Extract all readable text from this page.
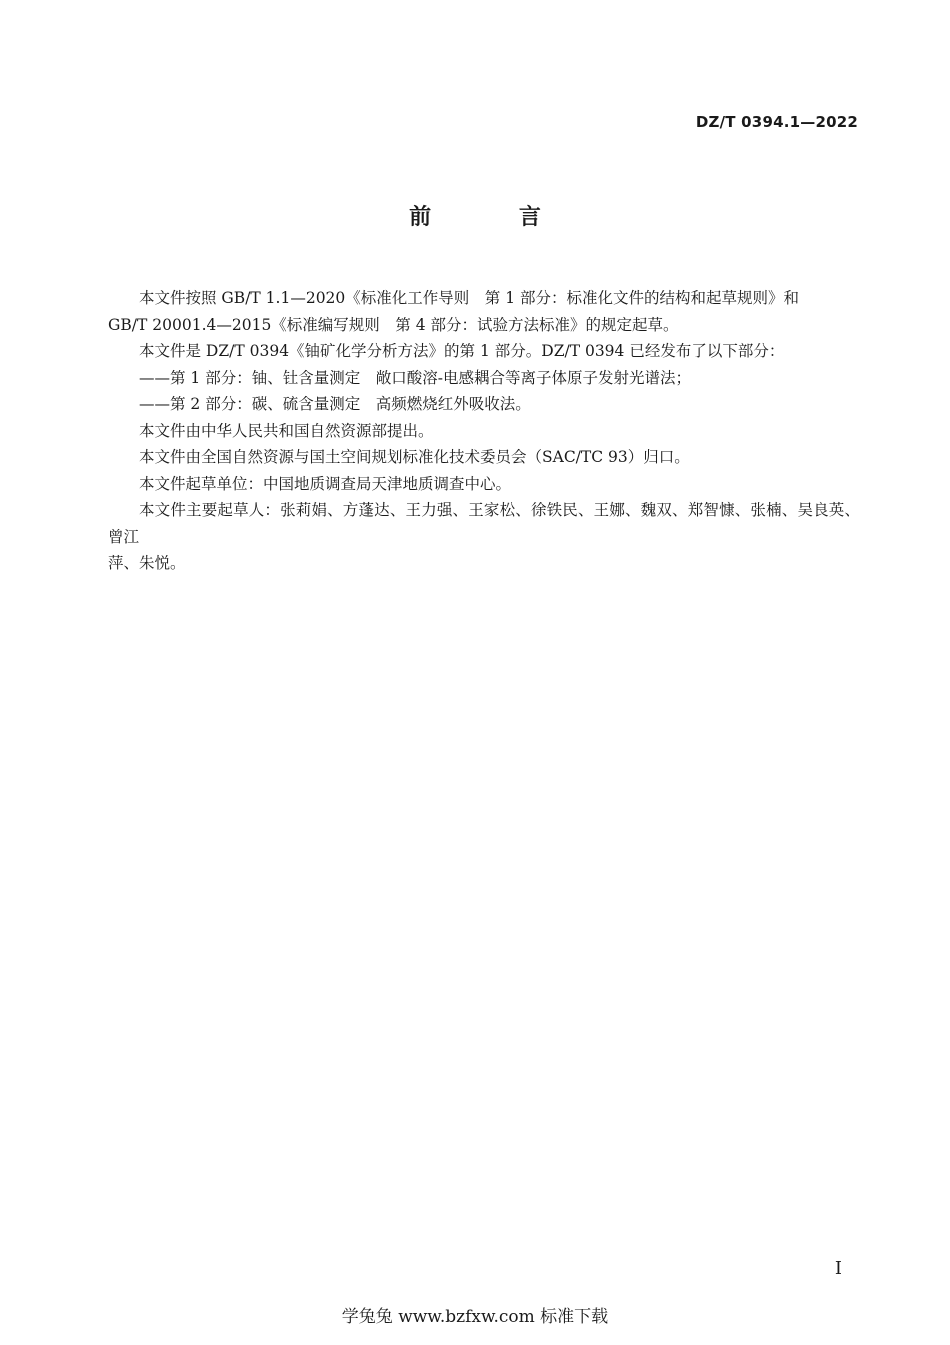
DZ/T 0394.1—2022
前 言

本文件按照 GB/T 1.1—2020《标准化工作导则　第 1 部分：标准化文件的结构和起草规则》和

GB/T 20001.4—2015《标准编写规则　第 4 部分：试验方法标准》的规定起草。

本文件是 DZ/T 0394《铀矿化学分析方法》的第 1 部分。DZ/T 0394 已经发布了以下部分：

——第 1 部分：铀、钍含量测定　敞口酸溶-电感耦合等离子体原子发射光谱法；

——第 2 部分：碳、硫含量测定　高频燃烧红外吸收法。

本文件由中华人民共和国自然资源部提出。

本文件由全国自然资源与国土空间规划标准化技术委员会（SAC/TC 93）归口。

本文件起草单位：中国地质调查局天津地质调查中心。

本文件主要起草人：张莉娟、方蓬达、王力强、王家松、徐铁民、王娜、魏双、郑智慷、张楠、吴良英、曾江

萍、朱悦。

I
学兔兔 www.bzfxw.com 标准下载
